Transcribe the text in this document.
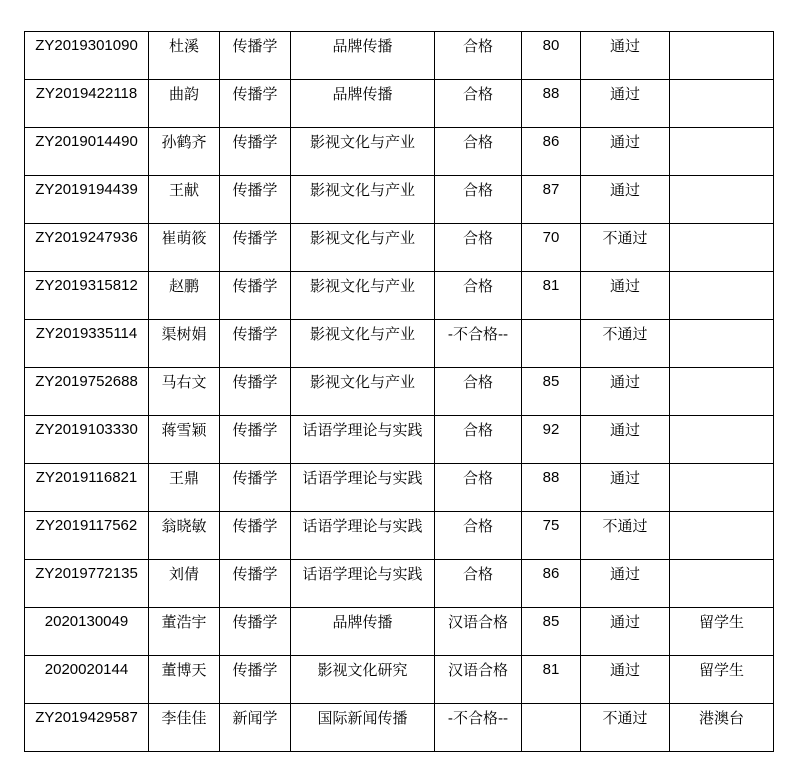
ZY2019301090	杜溪	传播学	品牌传播	合格	80	通过	

ZY2019422118	曲韵	传播学	品牌传播	合格	88	通过	

ZY2019014490	孙鹤齐	传播学	影视文化与产业	合格	86	通过	

ZY2019194439	王献	传播学	影视文化与产业	合格	87	通过	

ZY2019247936	崔萌筱	传播学	影视文化与产业	合格	70	不通过	

ZY2019315812	赵鹏	传播学	影视文化与产业	合格	81	通过	

ZY2019335114	渠树娟	传播学	影视文化与产业	-不合格--		不通过	

ZY2019752688	马右文	传播学	影视文化与产业	合格	85	通过	

ZY2019103330	蒋雪颖	传播学	话语学理论与实践	合格	92	通过	

ZY2019116821	王鼎	传播学	话语学理论与实践	合格	88	通过	

ZY2019117562	翁晓敏	传播学	话语学理论与实践	合格	75	不通过	

ZY2019772135	刘倩	传播学	话语学理论与实践	合格	86	通过	

2020130049	董浩宇	传播学	品牌传播	汉语合格	85	通过	留学生

2020020144	董博天	传播学	影视文化研究	汉语合格	81	通过	留学生

ZY2019429587	李佳佳	新闻学	国际新闻传播	-不合格--		不通过	港澳台
